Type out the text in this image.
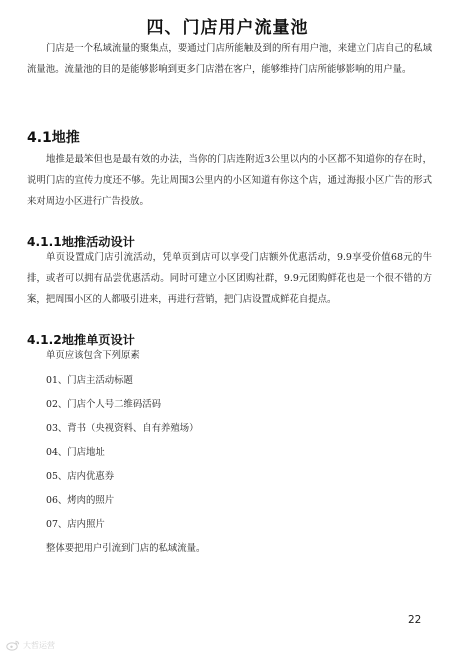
四、门店用户流量池

门店是一个私域流量的聚集点，要通过门店所能触及到的所有用户池，来建立门店自己的私域流量池。流量池的目的是能够影响到更多门店潜在客户，能够维持门店所能够影响的用户量。

4.1地推

地推是最笨但也是最有效的办法，当你的门店连附近3公里以内的小区都不知道你的存在时，说明门店的宣传力度还不够。先让周围3公里内的小区知道有你这个店，通过海报小区广告的形式来对周边小区进行广告投放。

4.1.1地推活动设计

单页设置成门店引流活动，凭单页到店可以享受门店额外优惠活动，9.9享受价值68元的牛排，或者可以拥有品尝优惠活动。同时可建立小区团购社群，9.9元团购鲜花也是一个很不错的方案，把周围小区的人都吸引进来，再进行营销，把门店设置成鲜花自提点。

4.1.2地推单页设计

单页应该包含下列原素

01、门店主活动标题
02、门店个人号二维码活码
03、背书（央视资料、自有养殖场）
04、门店地址
05、店内优惠券
06、烤肉的照片
07、店内照片

整体要把用户引流到门店的私域流量。

22
大哲运营
